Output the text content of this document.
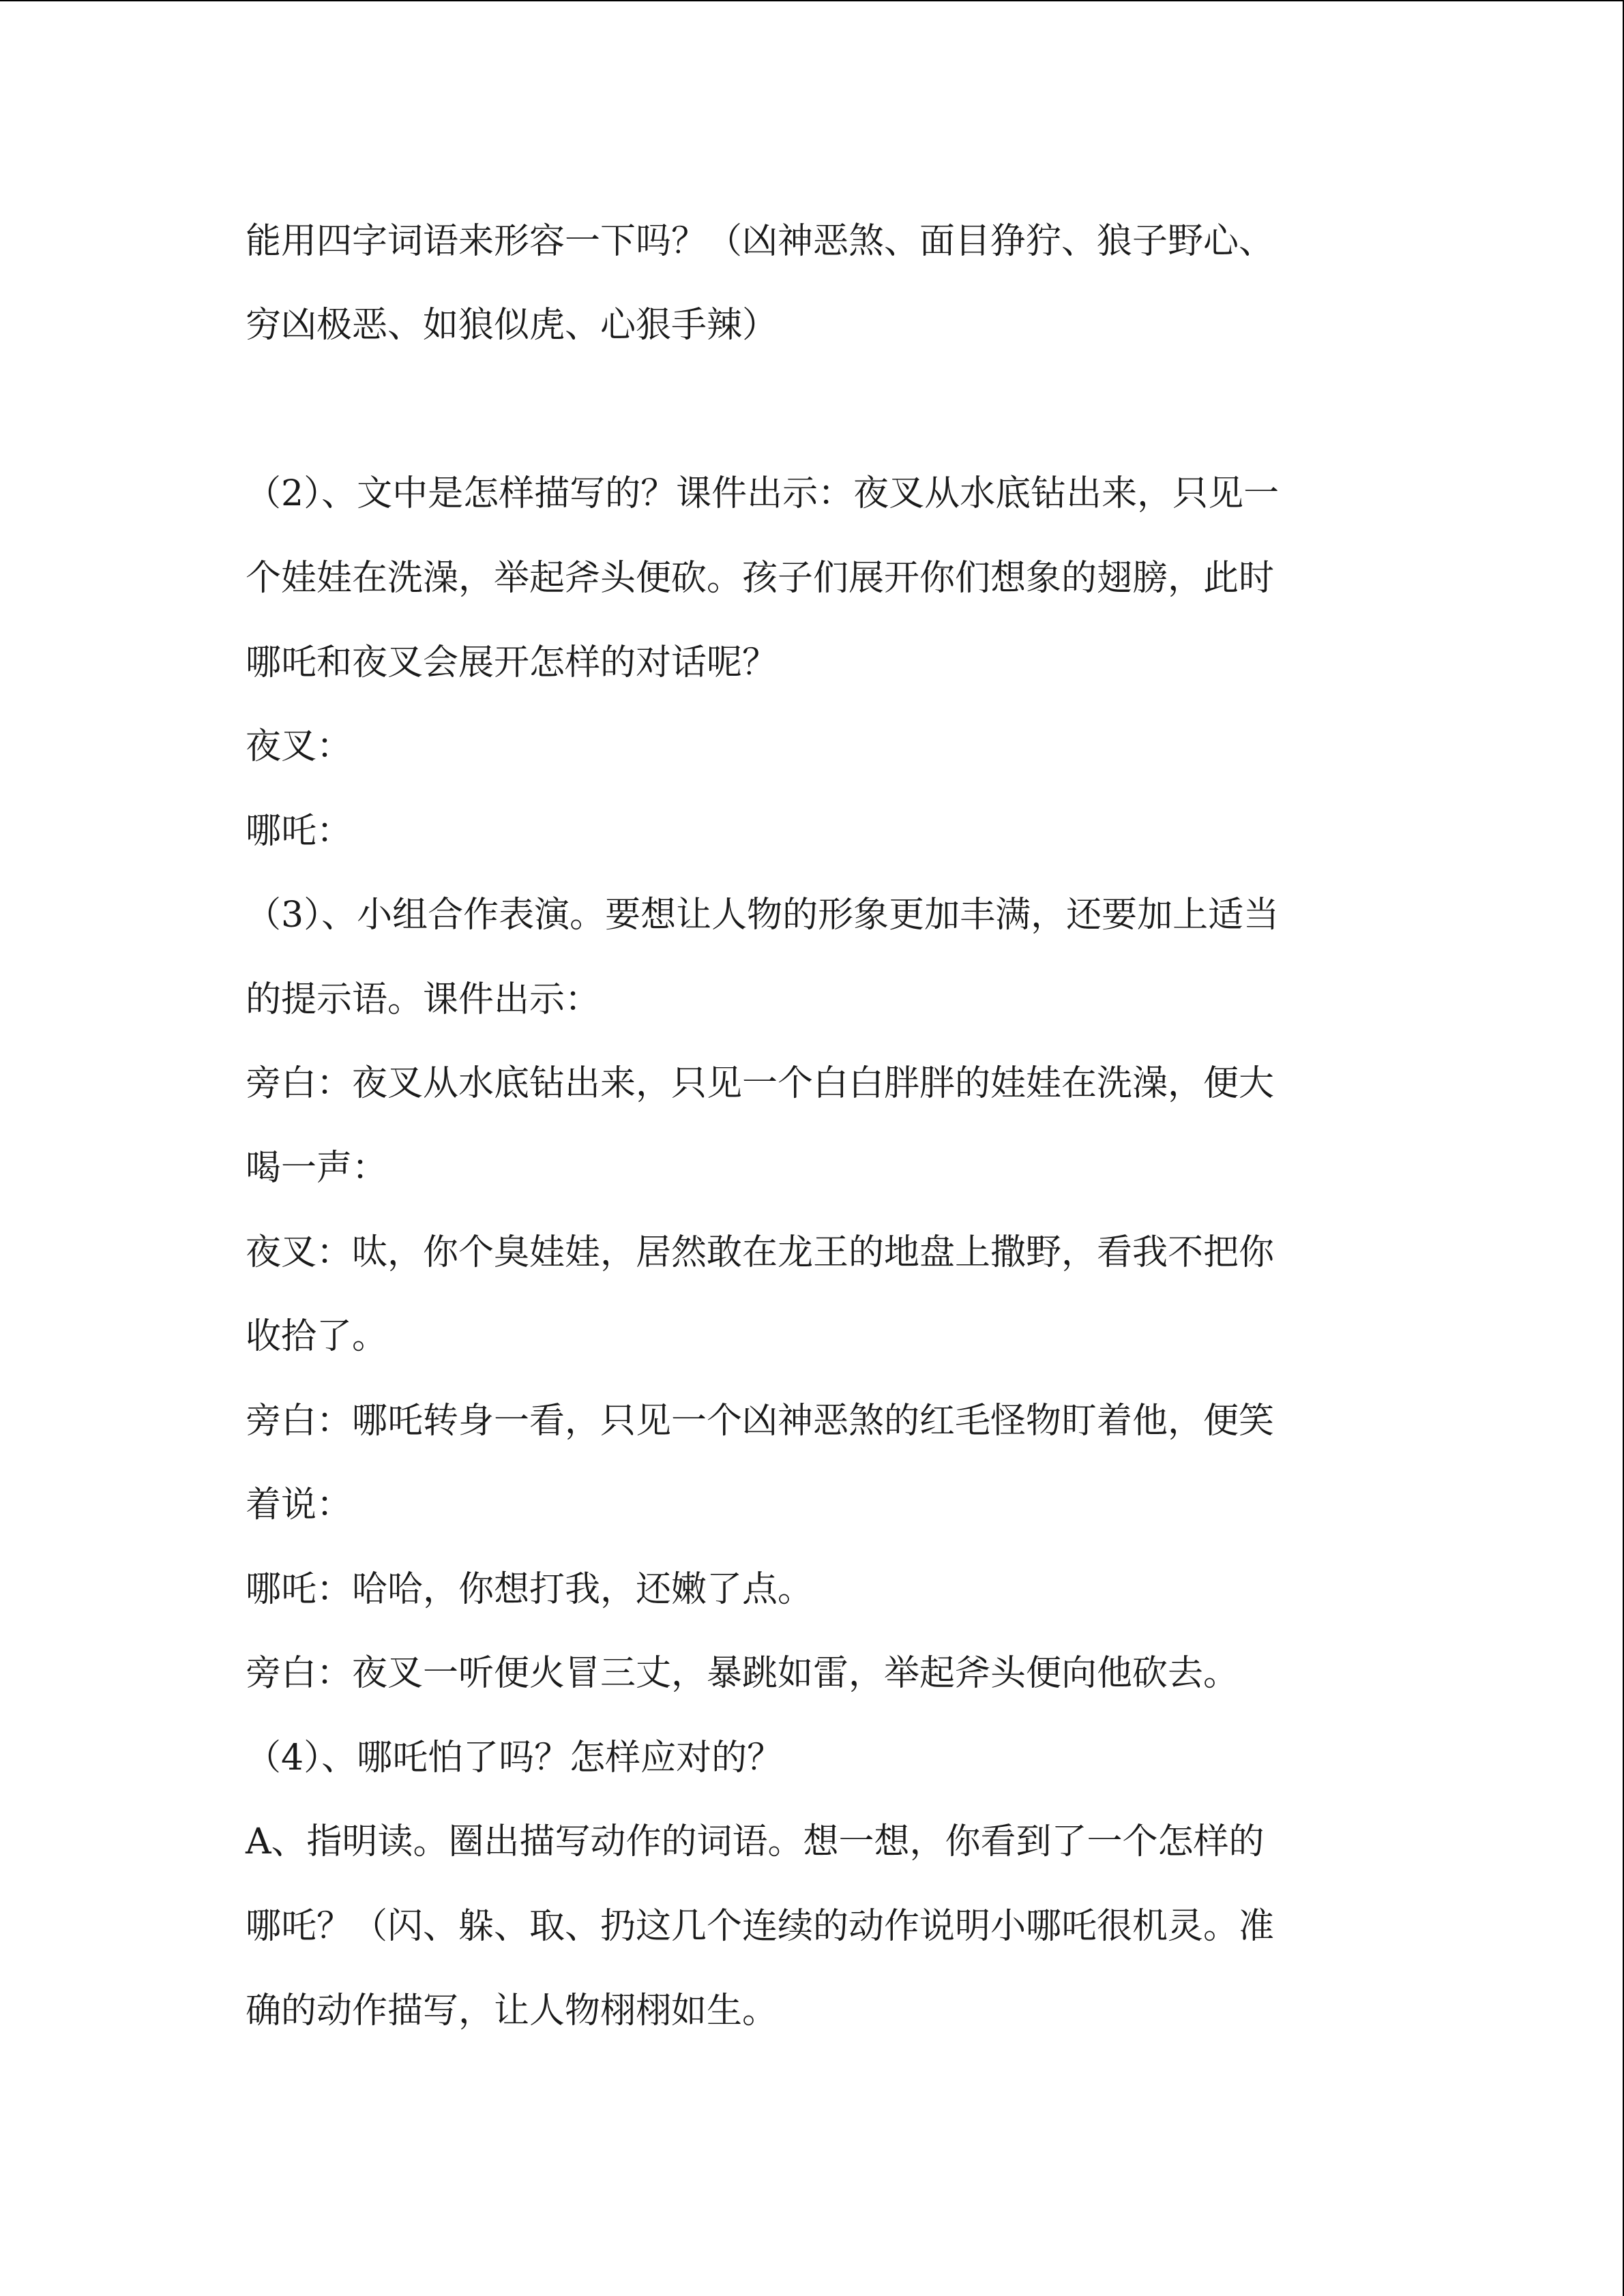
能用四字词语来形容一下吗？（凶神恶煞、面目狰狞、狼子野心、

穷凶极恶、如狼似虎、心狠手辣）

（2）、文中是怎样描写的？课件出示：夜叉从水底钻出来，只见一

个娃娃在洗澡，举起斧头便砍。孩子们展开你们想象的翅膀，此时

哪吒和夜叉会展开怎样的对话呢？

夜叉：

哪吒：

（3）、小组合作表演。要想让人物的形象更加丰满，还要加上适当

的提示语。课件出示：

旁白：夜叉从水底钻出来，只见一个白白胖胖的娃娃在洗澡，便大

喝一声：

夜叉：呔，你个臭娃娃，居然敢在龙王的地盘上撒野，看我不把你

收拾了。

旁白：哪吒转身一看，只见一个凶神恶煞的红毛怪物盯着他，便笑

着说：

哪吒：哈哈，你想打我，还嫩了点。

旁白：夜叉一听便火冒三丈，暴跳如雷，举起斧头便向他砍去。

（4）、哪吒怕了吗？怎样应对的？

A、指明读。圈出描写动作的词语。想一想，你看到了一个怎样的

哪吒？（闪、躲、取、扔这几个连续的动作说明小哪吒很机灵。准

确的动作描写，让人物栩栩如生。
